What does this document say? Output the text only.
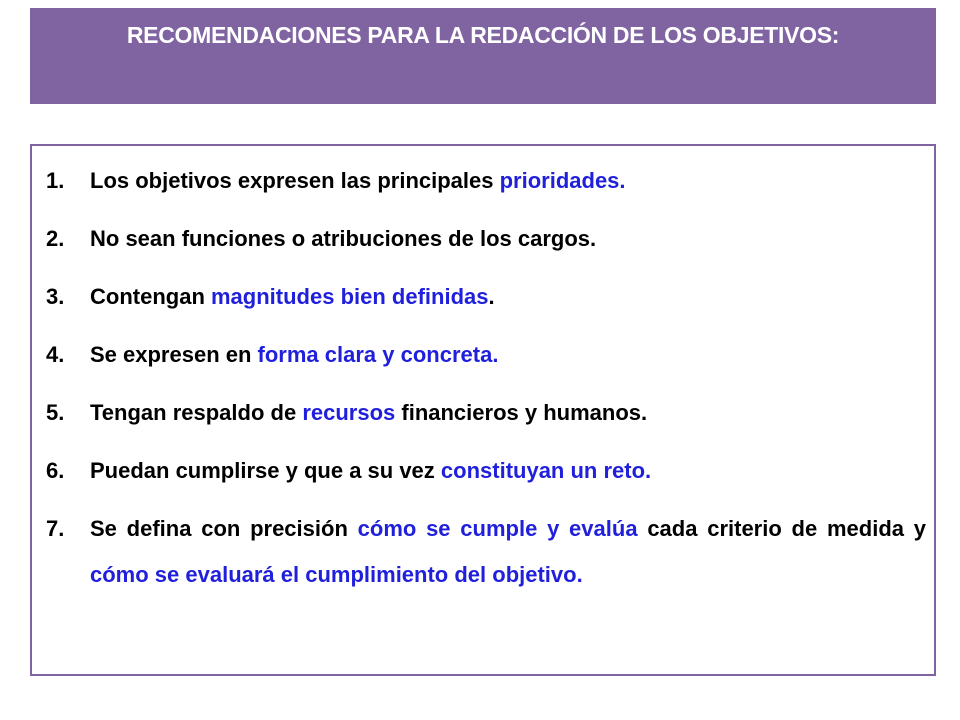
RECOMENDACIONES PARA LA REDACCIÓN DE LOS OBJETIVOS:
1. Los objetivos expresen las principales prioridades.
2. No sean funciones o atribuciones de los cargos.
3. Contengan magnitudes bien definidas.
4. Se expresen en forma clara y concreta.
5. Tengan respaldo de recursos financieros y humanos.
6. Puedan cumplirse y que a su vez constituyan un reto.
7. Se defina con precisión cómo se cumple y evalúa cada criterio de medida y cómo se evaluará el cumplimiento del objetivo.
